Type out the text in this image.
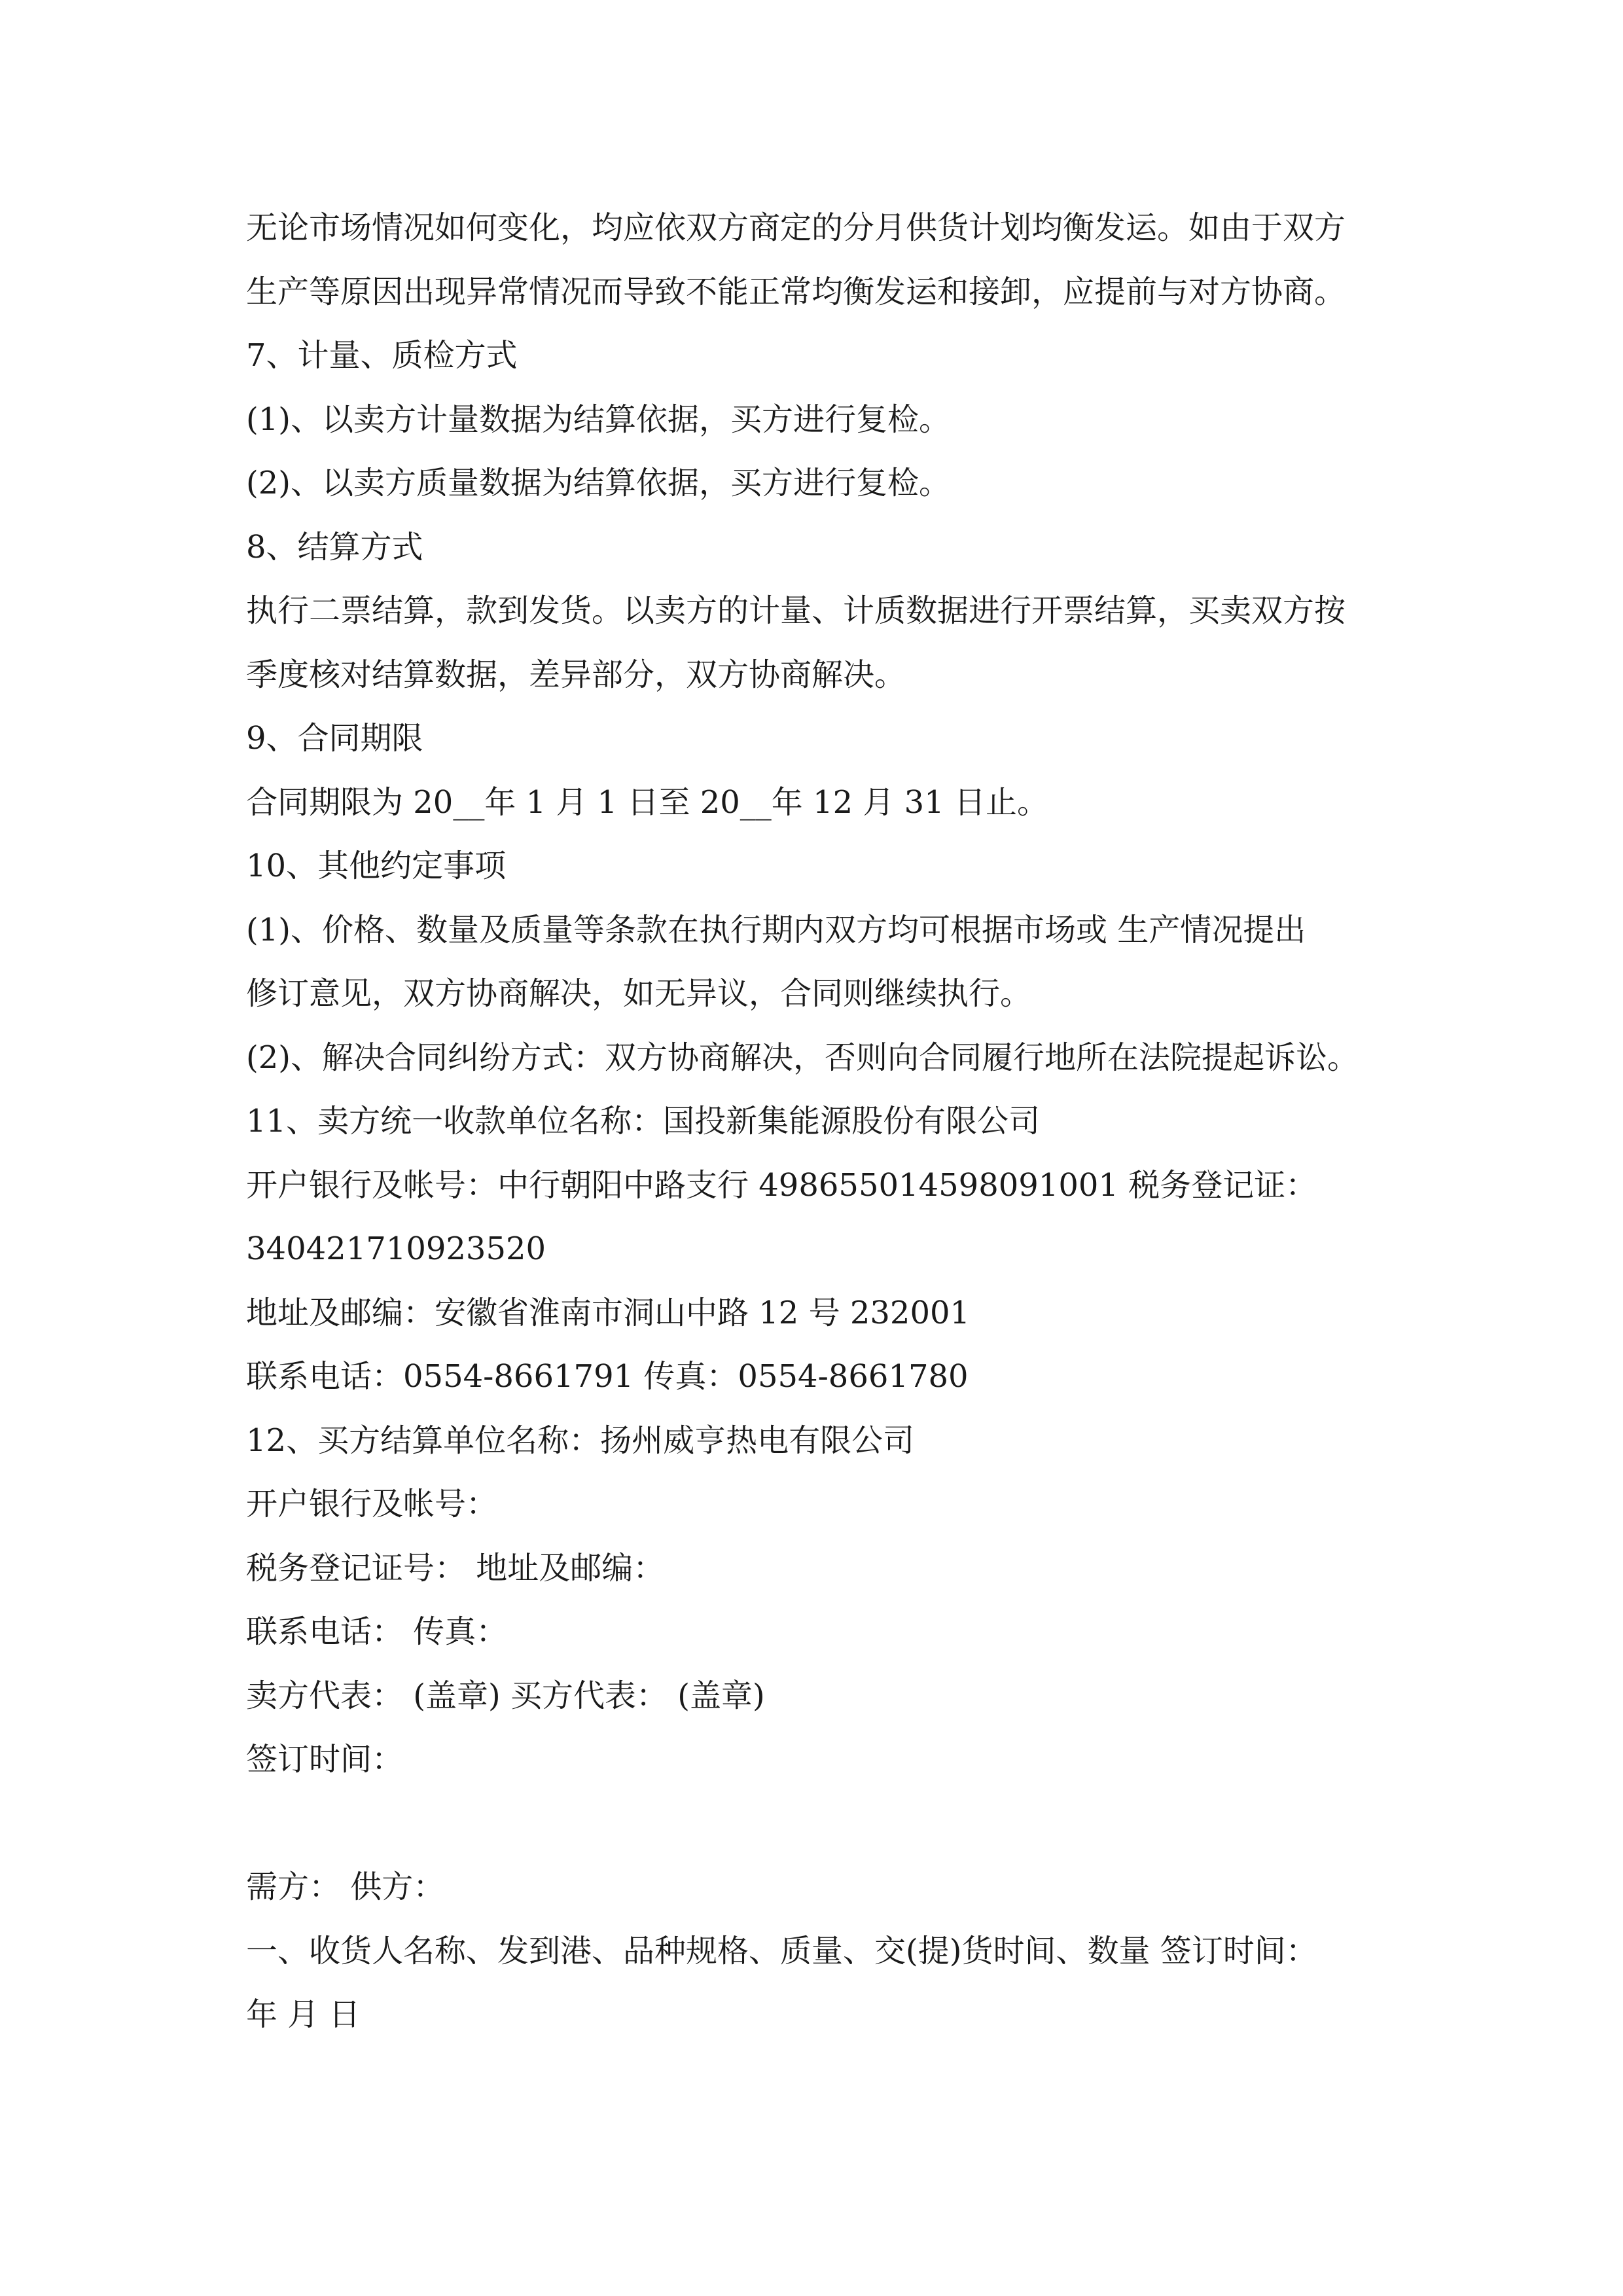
无论市场情况如何变化，均应依双方商定的分月供货计划均衡发运。如由于双方
生产等原因出现异常情况而导致不能正常均衡发运和接卸，应提前与对方协商。
7、计量、质检方式
(1)、以卖方计量数据为结算依据，买方进行复检。
(2)、以卖方质量数据为结算依据，买方进行复检。
8、结算方式
执行二票结算，款到发货。以卖方的计量、计质数据进行开票结算，买卖双方按
季度核对结算数据，差异部分，双方协商解决。
9、合同期限
合同期限为 20__年 1 月 1 日至 20__年 12 月 31 日止。
10、其他约定事项
(1)、价格、数量及质量等条款在执行期内双方均可根据市场或 生产情况提出
修订意见，双方协商解决，如无异议，合同则继续执行。
(2)、解决合同纠纷方式：双方协商解决，否则向合同履行地所在法院提起诉讼。
11、卖方统一收款单位名称：国投新集能源股份有限公司
开户银行及帐号：中行朝阳中路支行 498655014598091001 税务登记证：
340421710923520
地址及邮编：安徽省淮南市洞山中路 12 号 232001
联系电话：0554-8661791 传真：0554-8661780
12、买方结算单位名称：扬州威亨热电有限公司
开户银行及帐号：
税务登记证号： 地址及邮编：
联系电话： 传真：
卖方代表： (盖章) 买方代表： (盖章)
签订时间：
需方： 供方：
一、收货人名称、发到港、品种规格、质量、交(提)货时间、数量 签订时间：
年 月 日
